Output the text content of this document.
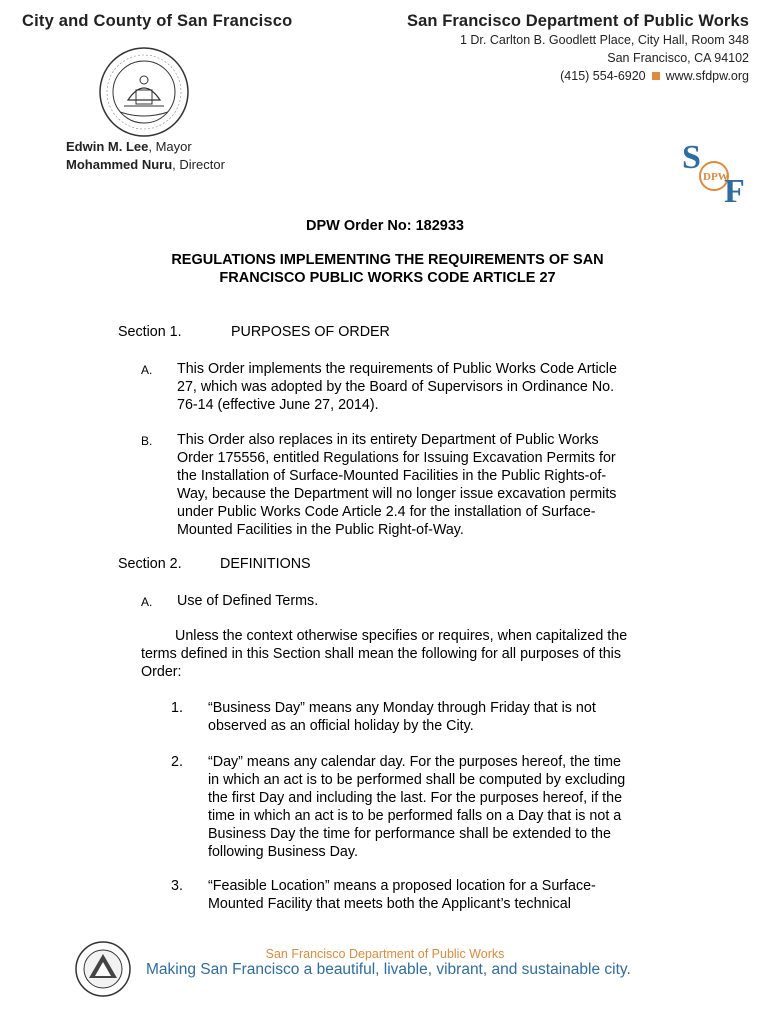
City and County of San Francisco	San Francisco Department of Public Works
1 Dr. Carlton B. Goodlett Place, City Hall, Room 348
San Francisco, CA 94102
(415) 554-6920 www.sfdpw.org
Edwin M. Lee, Mayor
Mohammed Nuru, Director	S
DPW
F
DPW Order No: 182933
REGULATIONS IMPLEMENTING THE REQUIREMENTS OF SAN
FRANCISCO PUBLIC WORKS CODE ARTICLE 27
Section 1.	PURPOSES OF ORDER
A. This Order implements the requirements of Public Works Code Article
27, which was adopted by the Board of Supervisors in Ordinance No.
76-14 (effective June 27, 2014).
B. This Order also replaces in its entirety Department of Public Works
Order 175556, entitled Regulations for Issuing Excavation Permits for
the Installation of Surface-Mounted Facilities in the Public Rights-of-
Way, because the Department will no longer issue excavation permits
under Public Works Code Article 2.4 for the installation of Surface-
Mounted Facilities in the Public Right-of-Way.
Section 2.	DEFINITIONS
A. Use of Defined Terms.
Unless the context otherwise specifies or requires, when capitalized the
terms defined in this Section shall mean the following for all purposes of this
Order:
1. “Business Day” means any Monday through Friday that is not
observed as an official holiday by the City.
2. “Day” means any calendar day. For the purposes hereof, the time
in which an act is to be performed shall be computed by excluding
the first Day and including the last. For the purposes hereof, if the
time in which an act is to be performed falls on a Day that is not a
Business Day the time for performance shall be extended to the
following Business Day.
3. “Feasible Location” means a proposed location for a Surface-
Mounted Facility that meets both the Applicant’s technical
San Francisco Department of Public Works
Making San Francisco a beautiful, livable, vibrant, and sustainable city.
